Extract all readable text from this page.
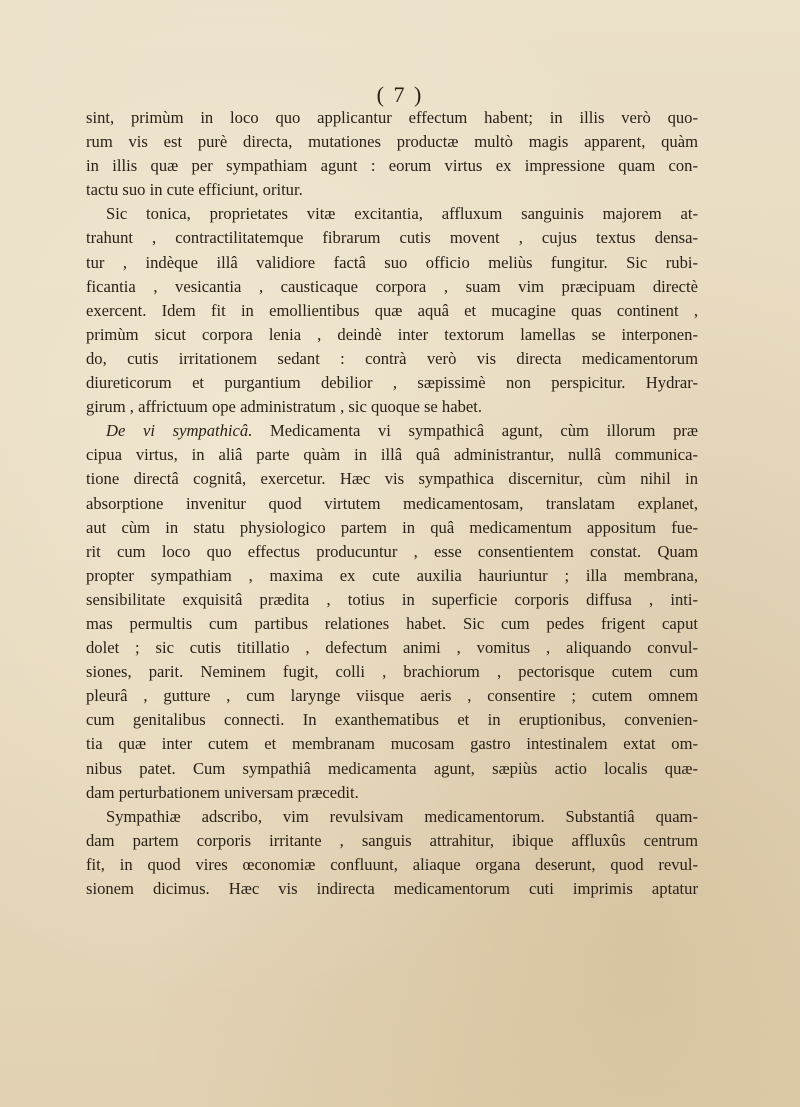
( 7 )
sint, primùm in loco quo applicantur effectum habent; in illis verò quo-
rum vis est purè directa, mutationes productæ multò magis apparent, quàm
in illis quæ per sympathiam agunt : eorum virtus ex impressione quam con-
tactu suo in cute efficiunt, oritur.
Sic tonica, proprietates vitæ excitantia, affluxum sanguinis majorem at-
trahunt , contractilitatemque fibrarum cutis movent , cujus textus densa-
tur , indèque illâ validiore factâ suo officio meliùs fungitur. Sic rubi-
ficantia , vesicantia , causticaque corpora , suam vim præcipuam directè
exercent. Idem fit in emollientibus quæ aquâ et mucagine quas continent ,
primùm sicut corpora lenia , deindè inter textorum lamellas se interponen-
do, cutis irritationem sedant : contrà verò vis directa medicamentorum
diureticorum et purgantium debilior , sæpissimè non perspicitur. Hydrar-
girum , affrictuum ope administratum , sic quoque se habet.
De vi sympathicâ. Medicamenta vi sympathicâ agunt, cùm illorum præ
cipua virtus, in aliâ parte quàm in illâ quâ administrantur, nullâ communica-
tione directâ cognitâ, exercetur. Hæc vis sympathica discernitur, cùm nihil in
absorptione invenitur quod virtutem medicamentosam, translatam explanet,
aut cùm in statu physiologico partem in quâ medicamentum appositum fue-
rit cum loco quo effectus producuntur , esse consentientem constat. Quam
propter sympathiam , maxima ex cute auxilia hauriuntur ; illa membrana,
sensibilitate exquisitâ prædita , totius in superficie corporis diffusa , inti-
mas permultis cum partibus relationes habet. Sic cum pedes frigent caput
dolet ; sic cutis titillatio , defectum animi , vomitus , aliquando convul-
siones, parit. Neminem fugit, colli , brachiorum , pectorisque cutem cum
pleurâ , gutture , cum larynge viisque aeris , consentire ; cutem omnem
cum genitalibus connecti. In exanthematibus et in eruptionibus, convenien-
tia quæ inter cutem et membranam mucosam gastro intestinalem extat om-
nibus patet. Cum sympathiâ medicamenta agunt, sæpiùs actio localis quæ-
dam perturbationem universam præcedit.
Sympathiæ adscribo, vim revulsivam medicamentorum. Substantiâ quam-
dam partem corporis irritante , sanguis attrahitur, ibique affluxûs centrum
fit, in quod vires œconomiæ confluunt, aliaque organa deserunt, quod revul-
sionem dicimus. Hæc vis indirecta medicamentorum cuti imprimis aptatur
